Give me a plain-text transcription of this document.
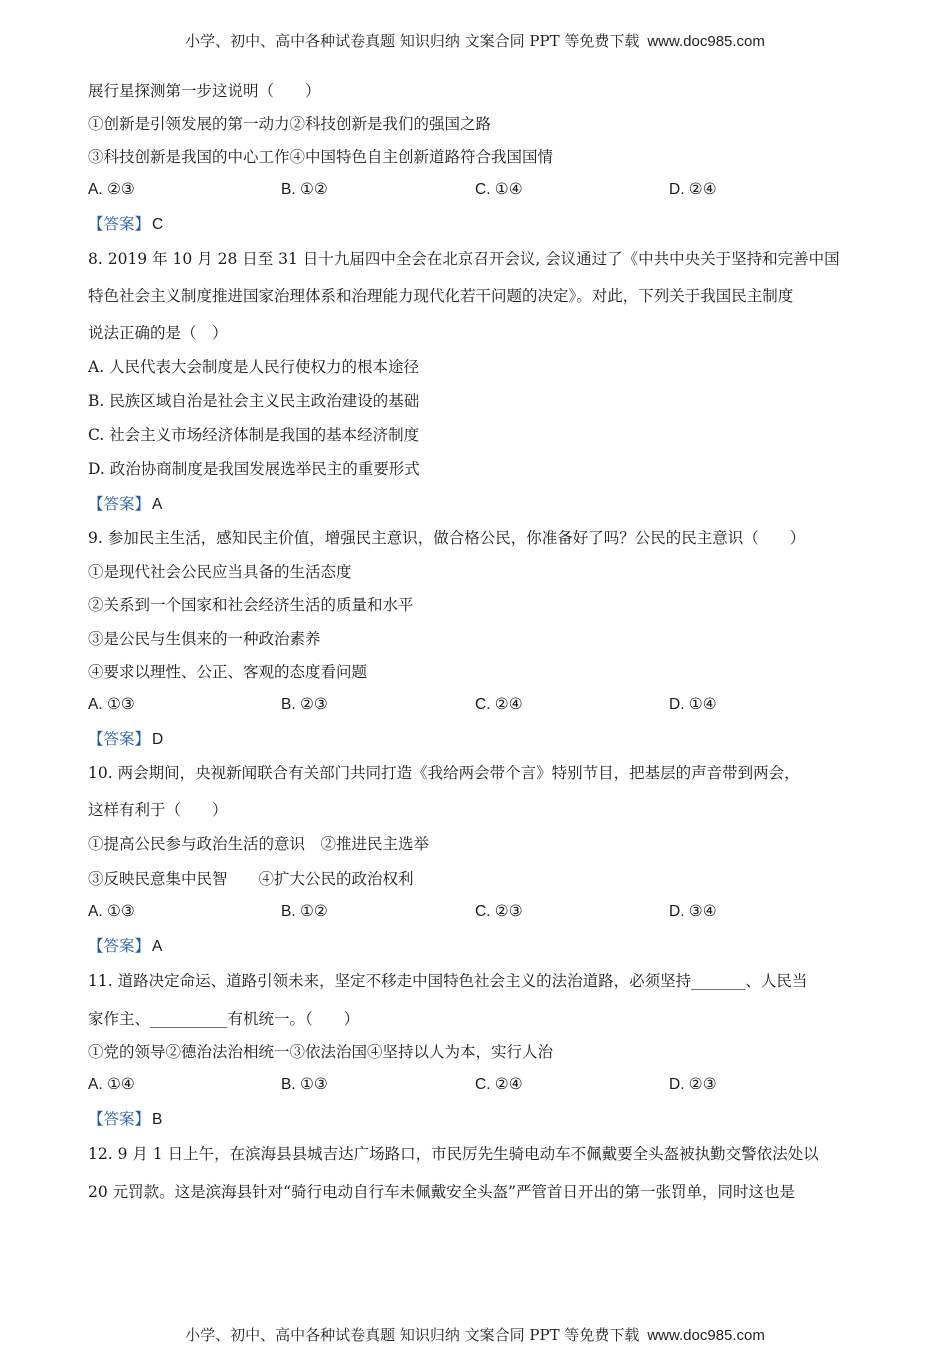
小学、初中、高中各种试卷真题 知识归纳 文案合同 PPT 等免费下载 www.doc985.com
展行星探测第一步这说明（　　）
①创新是引领发展的第一动力②科技创新是我们的强国之路
③科技创新是我国的中心工作④中国特色自主创新道路符合我国国情
A. ②③	B. ①②	C. ①④	D. ②④
【答案】 C
8. 2019 年 10 月 28 日至 31 日十九届四中全会在北京召开会议, 会议通过了《中共中央关于坚持和完善中国
特色社会主义制度推进国家治理体系和治理能力现代化若干问题的决定》。对此，下列关于我国民主制度
说法正确的是（　）
A. 人民代表大会制度是人民行使权力的根本途径
B. 民族区域自治是社会主义民主政治建设的基础
C. 社会主义市场经济体制是我国的基本经济制度
D. 政治协商制度是我国发展选举民主的重要形式
【答案】 A
9. 参加民主生活，感知民主价值，增强民主意识，做合格公民，你准备好了吗？公民的民主意识（　　）
①是现代社会公民应当具备的生活态度
②关系到一个国家和社会经济生活的质量和水平
③是公民与生俱来的一种政治素养
④要求以理性、公正、客观的态度看问题
A. ①③	B. ②③	C. ②④	D. ①④
【答案】 D
10. 两会期间，央视新闻联合有关部门共同打造《我给两会带个言》特别节目，把基层的声音带到两会，
这样有利于（　　）
①提高公民参与政治生活的意识　②推进民主选举
③反映民意集中民智　　④扩大公民的政治权利
A. ①③	B. ①②	C. ②③	D. ③④
【答案】 A
11. 道路决定命运、道路引领未来，坚定不移走中国特色社会主义的法治道路，必须坚持_______、人民当
家作主、__________有机统一。（　　）
①党的领导②德治法治相统一③依法治国④坚持以人为本，实行人治
A. ①④	B. ①③	C. ②④	D. ②③
【答案】 B
12. 9 月 1 日上午，在滨海县县城吉达广场路口，市民厉先生骑电动车不佩戴要全头盔被执勤交警依法处以
20 元罚款。这是滨海县针对“骑行电动自行车未佩戴安全头盔”严管首日开出的第一张罚单，同时这也是
小学、初中、高中各种试卷真题 知识归纳 文案合同 PPT 等免费下载 www.doc985.com
